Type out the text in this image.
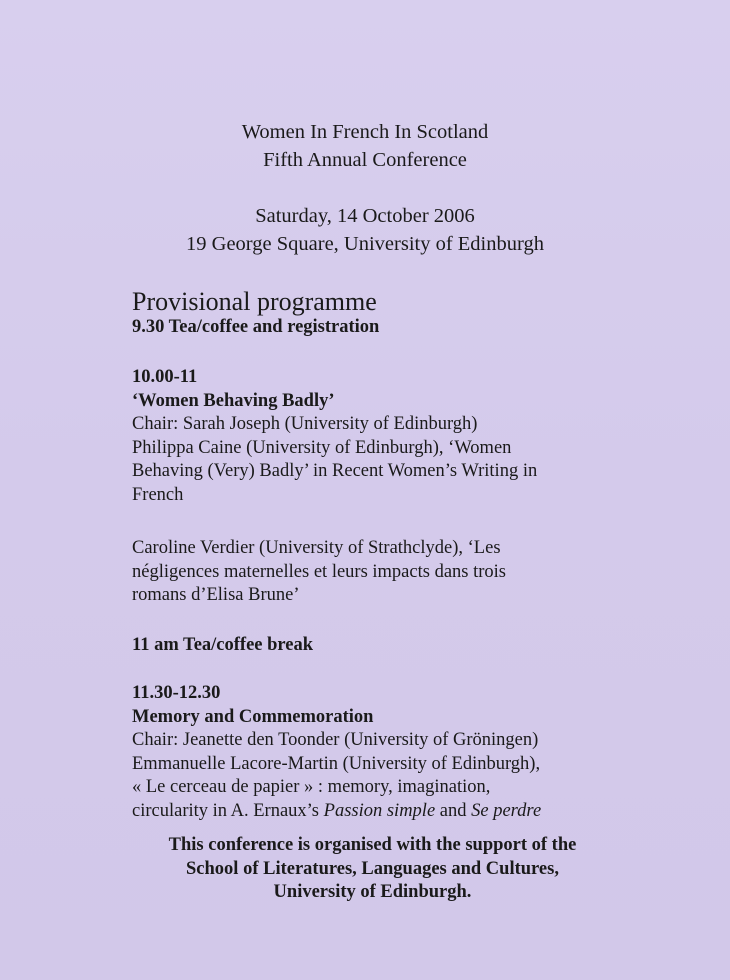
Women In French In Scotland
Fifth Annual Conference
Saturday, 14 October 2006
19 George Square, University of Edinburgh
Provisional programme
9.30 Tea/coffee and registration
10.00-11
‘Women Behaving Badly’
Chair: Sarah Joseph (University of Edinburgh)
Philippa Caine (University of Edinburgh), ‘Women
Behaving (Very) Badly’ in Recent Women’s Writing in
French
Caroline Verdier (University of Strathclyde), ‘Les
négligences maternelles et leurs impacts dans trois
romans d’Elisa Brune’
11 am Tea/coffee break
11.30-12.30
Memory and Commemoration
Chair: Jeanette den Toonder (University of Gröningen)
Emmanuelle Lacore-Martin (University of Edinburgh),
« Le cerceau de papier » : memory, imagination,
circularity in A. Ernaux’s Passion simple and Se perdre
This conference is organised with the support of the
School of Literatures, Languages and Cultures,
University of Edinburgh.
